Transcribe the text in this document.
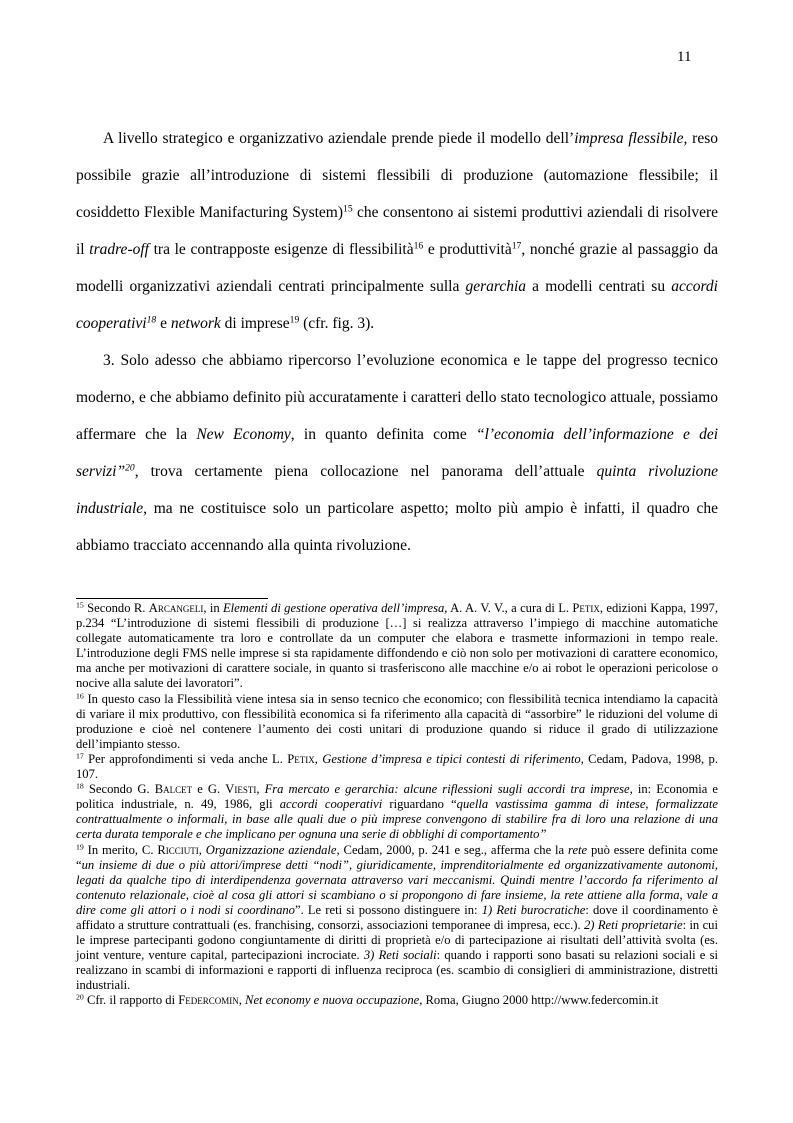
11

A livello strategico e organizzativo aziendale prende piede il modello dell’impresa flessibile, reso possibile grazie all’introduzione di sistemi flessibili di produzione (automazione flessibile; il cosiddetto Flexible Manifacturing System)$^{15}$ che consentono ai sistemi produttivi aziendali di risolvere il tradre-off tra le contrapposte esigenze di flessibilità$^{16}$ e produttività$^{17}$, nonché grazie al passaggio da modelli organizzativi aziendali centrati principalmente sulla gerarchia a modelli centrati su accordi cooperativi$^{18}$ e network di imprese$^{19}$ (cfr. fig. 3).

3. Solo adesso che abbiamo ripercorso l’evoluzione economica e le tappe del progresso tecnico moderno, e che abbiamo definito più accuratamente i caratteri dello stato tecnologico attuale, possiamo affermare che la New Economy, in quanto definita come “l’economia dell’informazione e dei servizi”$^{20}$, trova certamente piena collocazione nel panorama dell’attuale quinta rivoluzione industriale, ma ne costituisce solo un particolare aspetto; molto più ampio è infatti, il quadro che abbiamo tracciato accennando alla quinta rivoluzione.

$^{15}$ Secondo R. Arcangeli, in Elementi di gestione operativa dell’impresa, A. A. V. V., a cura di L. Petix, edizioni Kappa, 1997, p.234 “L’introduzione di sistemi flessibili di produzione […] si realizza attraverso l’impiego di macchine automatiche collegate automaticamente tra loro e controllate da un computer che elabora e trasmette informazioni in tempo reale. L’introduzione degli FMS nelle imprese si sta rapidamente diffondendo e ciò non solo per motivazioni di carattere economico, ma anche per motivazioni di carattere sociale, in quanto si trasferiscono alle macchine e/o ai robot le operazioni pericolose o nocive alla salute dei lavoratori”.

$^{16}$ In questo caso la Flessibilità viene intesa sia in senso tecnico che economico; con flessibilità tecnica intendiamo la capacità di variare il mix produttivo, con flessibilità economica si fa riferimento alla capacità di “assorbire” le riduzioni del volume di produzione e cioè nel contenere l’aumento dei costi unitari di produzione quando si riduce il grado di utilizzazione dell’impianto stesso.

$^{17}$ Per approfondimenti si veda anche L. Petix, Gestione d’impresa e tipici contesti di riferimento, Cedam, Padova, 1998, p. 107.

$^{18}$ Secondo G. Balcet e G. Viesti, Fra mercato e gerarchia: alcune riflessioni sugli accordi tra imprese, in: Economia e politica industriale, n. 49, 1986, gli accordi cooperativi riguardano “quella vastissima gamma di intese, formalizzate contrattualmente o informali, in base alle quali due o più imprese convengono di stabilire fra di loro una relazione di una certa durata temporale e che implicano per ognuna una serie di obblighi di comportamento”

$^{19}$ In merito, C. Ricciuti, Organizzazione aziendale, Cedam, 2000, p. 241 e seg., afferma che la rete può essere definita come “un insieme di due o più attori/imprese detti “nodi”, giuridicamente, imprenditorialmente ed organizzativamente autonomi, legati da qualche tipo di interdipendenza governata attraverso vari meccanismi. Quindi mentre l’accordo fa riferimento al contenuto relazionale, cioè al cosa gli attori si scambiano o si propongono di fare insieme, la rete attiene alla forma, vale a dire come gli attori o i nodi si coordinano”. Le reti si possono distinguere in: 1) Reti burocratiche: dove il coordinamento è affidato a strutture contrattuali (es. franchising, consorzi, associazioni temporanee di impresa, ecc.). 2) Reti proprietarie: in cui le imprese partecipanti godono congiuntamente di diritti di proprietà e/o di partecipazione ai risultati dell’attività svolta (es. joint venture, venture capital, partecipazioni incrociate. 3) Reti sociali: quando i rapporti sono basati su relazioni sociali e si realizzano in scambi di informazioni e rapporti di influenza reciproca (es. scambio di consiglieri di amministrazione, distretti industriali.

$^{20}$ Cfr. il rapporto di Federcomin, Net economy e nuova occupazione, Roma, Giugno 2000 http://www.federcomin.it
